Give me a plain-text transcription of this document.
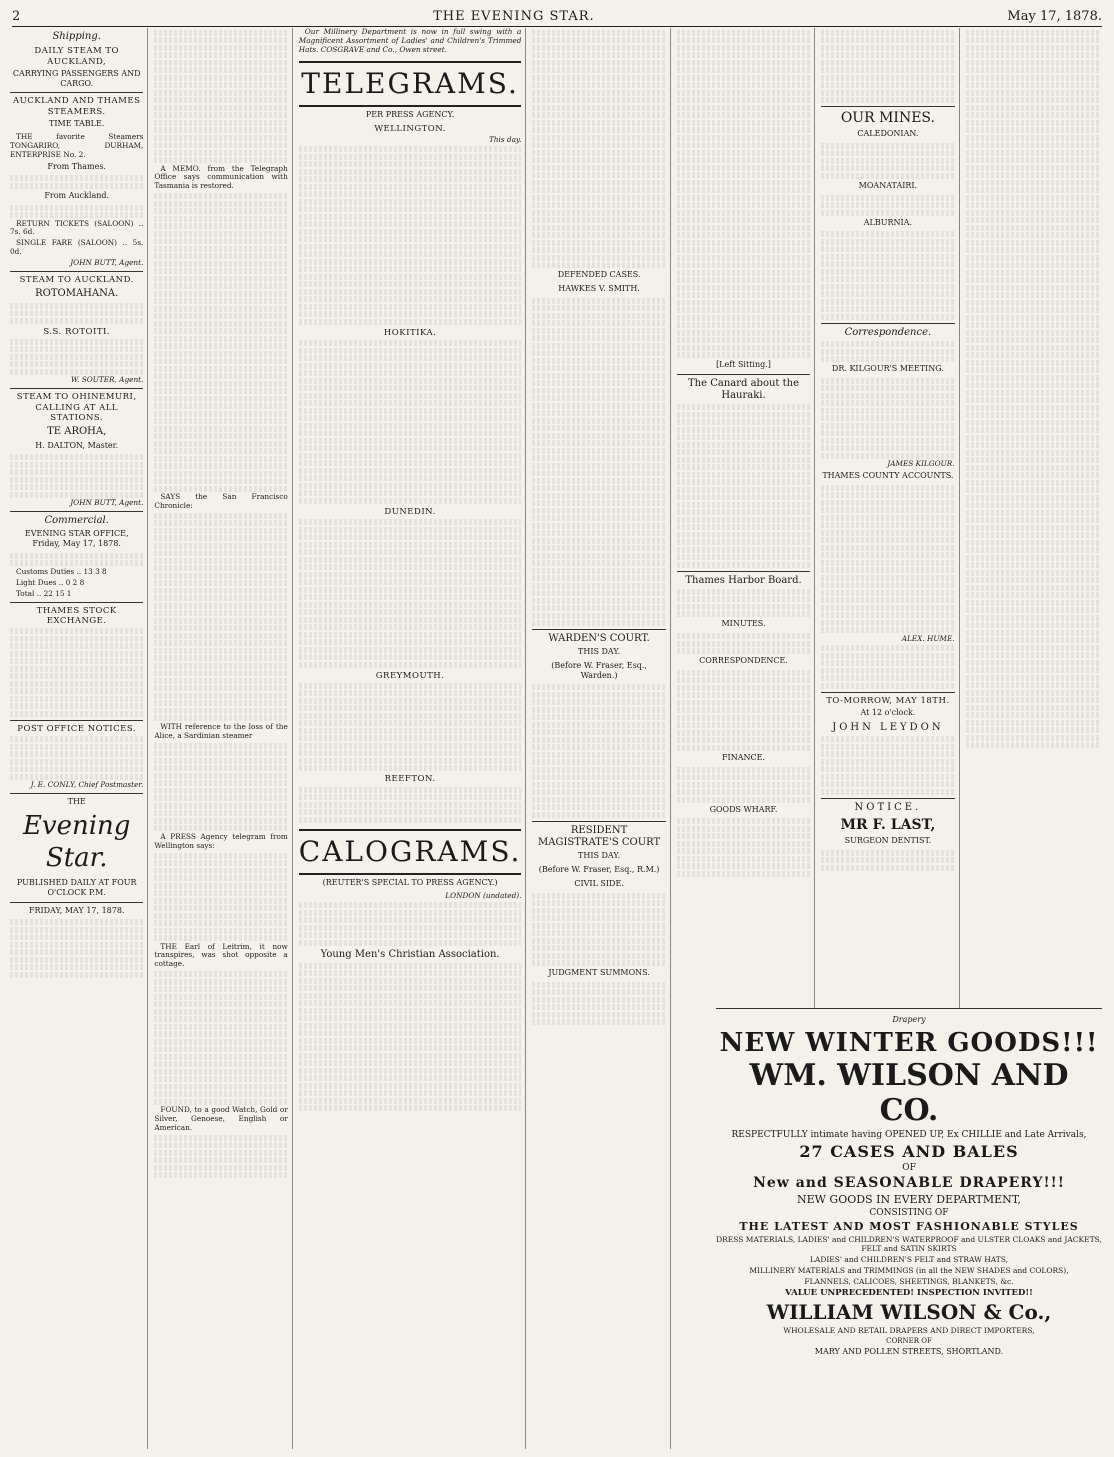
2	THE EVENING STAR.	May 17, 1878.
Shipping.
DAILY STEAM TO AUCKLAND,
CARRYING PASSENGERS AND CARGO.
AUCKLAND AND THAMES STEAMERS.
TIME TABLE.

THE favorite Steamers TONGARIRO, DURHAM, ENTERPRISE No. 2.

From Thames.
From Auckland.

RETURN TICKETS (SALOON) .. 7s. 6d.

SINGLE FARE (SALOON) .. 5s. 0d.

JOHN BUTT, Agent.
STEAM TO AUCKLAND.
ROTOMAHANA.
S.S. ROTOITI.
W. SOUTER, Agent.
STEAM TO OHINEMURI, CALLING AT ALL STATIONS.
TE AROHA,
H. DALTON, Master.
JOHN BUTT, Agent.
Commercial.
EVENING STAR OFFICE, Friday, May 17, 1878.

Customs Duties .. 13 3 8

Light Dues .. 0 2 8

Total .. 22 15 1

THAMES STOCK EXCHANGE.
POST OFFICE NOTICES.
J. E. CONLY, Chief Postmaster.
THE
Evening Star.
PUBLISHED DAILY AT FOUR O'CLOCK P.M.
FRIDAY, MAY 17, 1878.

A MEMO. from the Telegraph Office says communication with Tasmania is restored.

SAYS the San Francisco Chronicle:

WITH reference to the loss of the Alice, a Sardinian steamer

A PRESS Agency telegram from Wellington says:

THE Earl of Leitrim, it now transpires, was shot opposite a cottage.

FOUND, to a good Watch, Gold or Silver, Genoese, English or American.

Our Millinery Department is now in full swing with a Magnificent Assortment of Ladies' and Children's Trimmed Hats. COSGRAVE and Co., Owen street.

TELEGRAMS.
PER PRESS AGENCY.
WELLINGTON.
This day.
HOKITIKA.
DUNEDIN.
GREYMOUTH.
REEFTON.
CALOGRAMS.
(REUTER'S SPECIAL TO PRESS AGENCY.)
LONDON (undated).
Young Men's Christian Association.
DEFENDED CASES.
HAWKES V. SMITH.
WARDEN'S COURT.
THIS DAY.
(Before W. Fraser, Esq., Warden.)
RESIDENT MAGISTRATE'S COURT
THIS DAY.
(Before W. Fraser, Esq., R.M.)
CIVIL SIDE.
JUDGMENT SUMMONS.
[Left Sitting.]
The Canard about the Hauraki.
Thames Harbor Board.
MINUTES.
CORRESPONDENCE.
FINANCE.
GOODS WHARF.
OUR MINES.
CALEDONIAN.
MOANATAIRI.
ALBURNIA.
Correspondence.
DR. KILGOUR'S MEETING.
JAMES KILGOUR.
THAMES COUNTY ACCOUNTS.
ALEX. HUME.
TO-MORROW, MAY 18TH.
At 12 o'clock.
JOHN LEYDON
NOTICE.
MR F. LAST,
SURGEON DENTIST.
Drapery
NEW WINTER GOODS!!!
WM. WILSON AND CO.
RESPECTFULLY intimate having OPENED UP, Ex CHILLIE and Late Arrivals,
27 CASES AND BALES
OF
New and SEASONABLE DRAPERY!!!
NEW GOODS IN EVERY DEPARTMENT,
CONSISTING OF
THE LATEST AND MOST FASHIONABLE STYLES
DRESS MATERIALS, LADIES' and CHILDREN'S WATERPROOF and ULSTER CLOAKS and JACKETS, FELT and SATIN SKIRTS
LADIES' and CHILDREN'S FELT and STRAW HATS,
MILLINERY MATERIALS and TRIMMINGS (in all the NEW SHADES and COLORS),
FLANNELS, CALICOES, SHEETINGS, BLANKETS, &c.
VALUE UNPRECEDENTED! INSPECTION INVITED!!
WILLIAM WILSON & Co.,
WHOLESALE AND RETAIL DRAPERS AND DIRECT IMPORTERS,
CORNER OF
MARY AND POLLEN STREETS, SHORTLAND.
